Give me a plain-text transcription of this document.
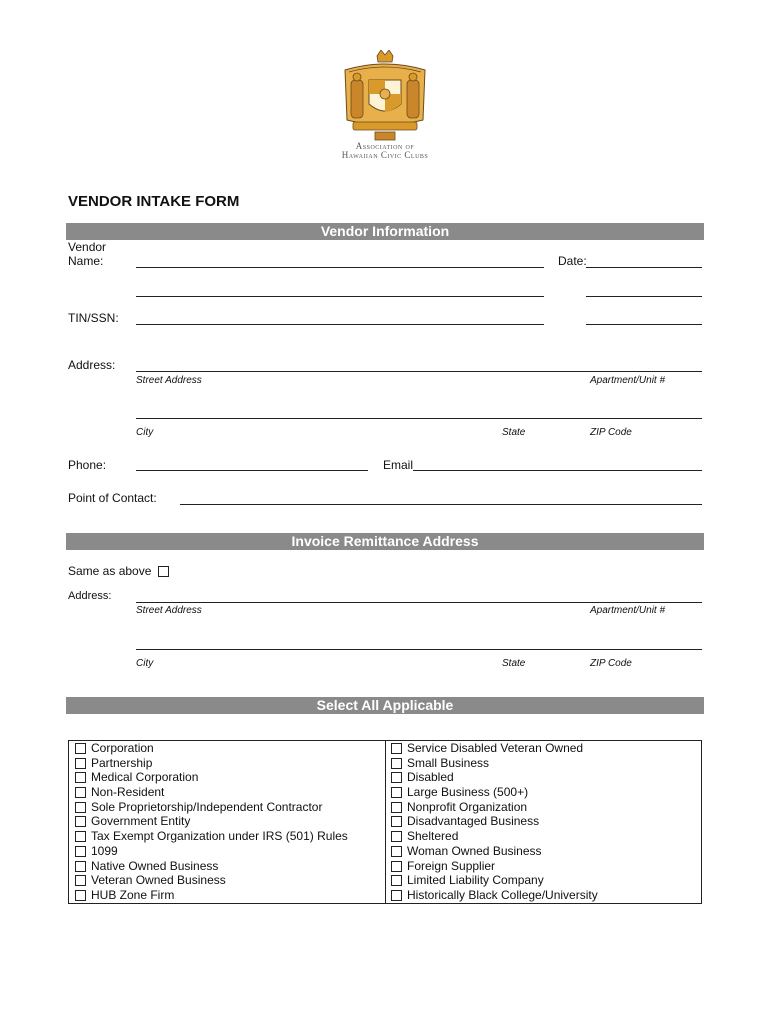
Association of
Hawaiian Civic Clubs
VENDOR INTAKE FORM
Vendor Information
Vendor
Name:	Date:
TIN/SSN:
Address:
Street Address	Apartment/Unit #
City	State	ZIP Code
Phone:	Email
Point of Contact:
Invoice Remittance Address
Same as above
Address:
Street Address	Apartment/Unit #
City	State	ZIP Code
Select All Applicable
Corporation
Partnership
Medical Corporation
Non-Resident
Sole Proprietorship/Independent Contractor
Government Entity
Tax Exempt Organization under IRS (501) Rules
1099
Native Owned Business
Veteran Owned Business
HUB Zone Firm
Service Disabled Veteran Owned
Small Business
Disabled
Large Business (500+)
Nonprofit Organization
Disadvantaged Business
Sheltered
Woman Owned Business
Foreign Supplier
Limited Liability Company
Historically Black College/University
